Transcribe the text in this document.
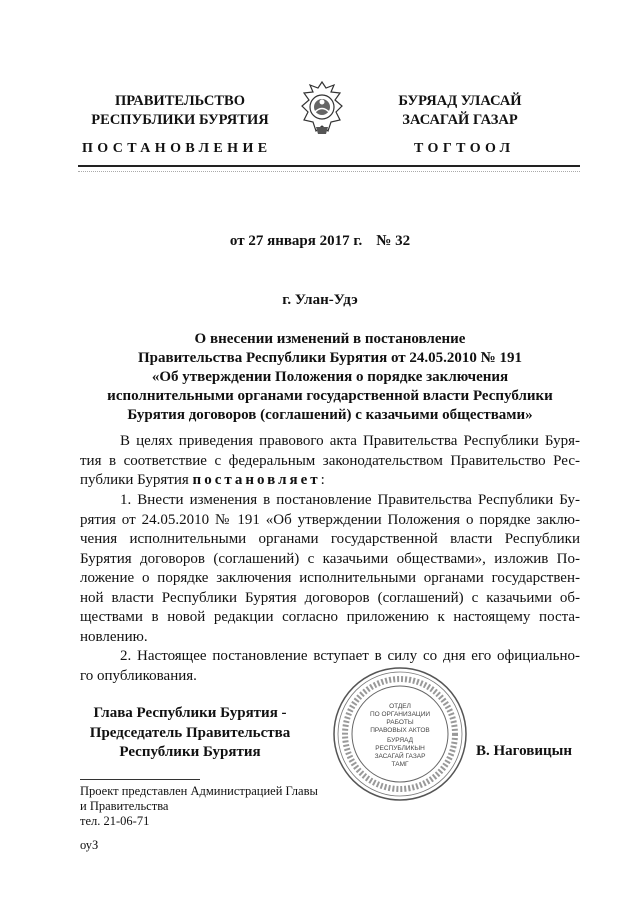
ПРАВИТЕЛЬСТВО
РЕСПУБЛИКИ БУРЯТИЯ
БУРЯАД УЛАСАЙ
ЗАСАГАЙ ГАЗАР
ПОСТАНОВЛЕНИЕ	ТОГТООЛ
от 27 января 2017 г. № 32
г. Улан-Удэ
О внесении изменений в постановление
Правительства Республики Бурятия от 24.05.2010 № 191
«Об утверждении Положения о порядке заключения
исполнительными органами государственной власти Республики
Бурятия договоров (соглашений) с казачьими обществами»
В целях приведения правового акта Правительства Республики Буря-
тия в соответствие с федеральным законодательством Правительство Рес-
публики Бурятия постановляет:
1. Внести изменения в постановление Правительства Республики Бу-
рятия от 24.05.2010 № 191 «Об утверждении Положения о порядке заклю-
чения исполнительными органами государственной власти Республики
Бурятия договоров (соглашений) с казачьими обществами», изложив По-
ложение о порядке заключения исполнительными органами государствен-
ной власти Республики Бурятия договоров (соглашений) с казачьими об-
ществами в новой редакции согласно приложению к настоящему поста-
новлению.
2. Настоящее постановление вступает в силу со дня его официально-
го опубликования.
ОТДЕЛ
ПО ОРГАНИЗАЦИИ
РАБОТЫ
ПРАВОВЫХ АКТОВ
БУРЯАД
РЕСПУБЛИКЫН
ЗАСАГАЙ ГАЗАР
ТАМГ
Глава Республики Бурятия -
Председатель Правительства
Республики Бурятия	В. Наговицын
Проект представлен Администрацией Главы
и Правительства
тел. 21-06-71
оуЗ
